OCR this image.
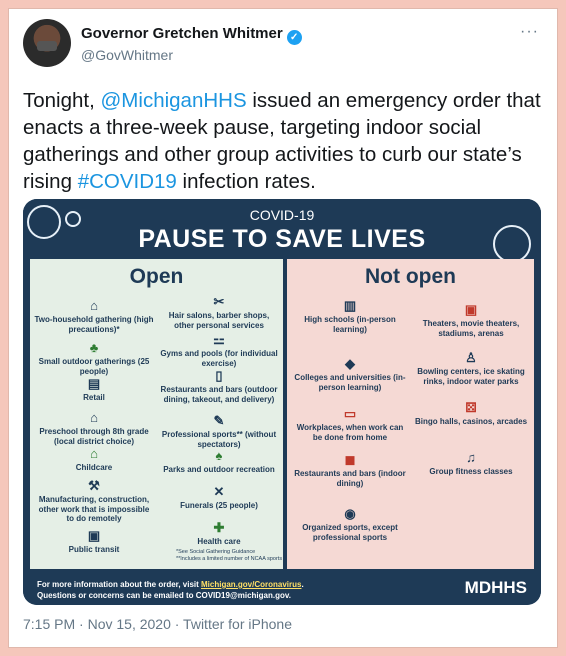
Governor Gretchen Whitmer ✓
@GovWhitmer
···
Tonight, @MichiganHHS issued an emergency order that enacts a three-week pause, targeting indoor social gatherings and other group activities to curb our state’s rising #COVID19 infection rates.
COVID-19
PAUSE TO SAVE LIVES
Open
⌂
Two-household gathering (high precautions)*
♣
Small outdoor gatherings (25 people)
▤
Retail
⌂
Preschool through 8th grade (local district choice)
⌂
Childcare
⚒
Manufacturing, construction, other work that is impossible to do remotely
▣
Public transit
✂
Hair salons, barber shops, other personal services
⚍
Gyms and pools (for individual exercise)
▯
Restaurants and bars (outdoor dining, takeout, and delivery)
✎
Professional sports** (without spectators)
♠
Parks and outdoor recreation
✕
Funerals (25 people)
✚
Health care
*See Social Gathering Guidance
**Includes a limited number of NCAA sports
Not open
▥
High schools (in-person learning)
◆
Colleges and universities (in-person learning)
▭
Workplaces, when work can be done from home
◼
Restaurants and bars (indoor dining)
◉
Organized sports, except professional sports
▣
Theaters, movie theaters, stadiums, arenas
♙
Bowling centers, ice skating rinks, indoor water parks
⚄
Bingo halls, casinos, arcades
♫
Group fitness classes
For more information about the order, visit Michigan.gov/Coronavirus.
Questions or concerns can be emailed to COVID19@michigan.gov.	MDHHS
7:15 PM · Nov 15, 2020 · Twitter for iPhone
